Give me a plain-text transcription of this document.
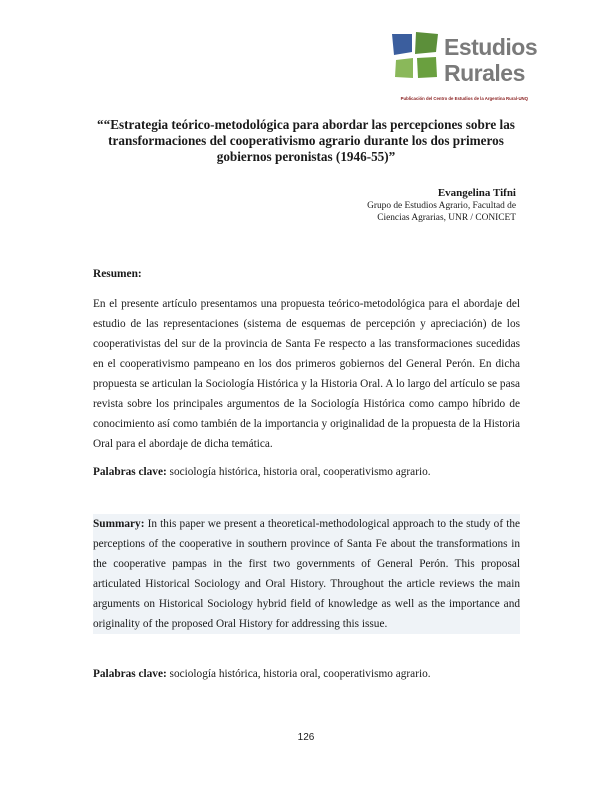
Estudios
Rurales
Publicación del Centro de Estudios de la Argentina Rural-UNQ
““Estrategia teórico-metodológica para abordar las percepciones sobre las transformaciones del cooperativismo agrario durante los dos primeros gobiernos peronistas (1946-55)”
Evangelina Tifni
Grupo de Estudios Agrario, Facultad de
Ciencias Agrarias, UNR / CONICET
Resumen:
En el presente artículo presentamos una propuesta teórico-metodológica para el abordaje del estudio de las representaciones (sistema de esquemas de percepción y apreciación) de los cooperativistas del sur de la provincia de Santa Fe respecto a las transformaciones sucedidas en el cooperativismo pampeano en los dos primeros gobiernos del General Perón. En dicha propuesta se articulan la Sociología Histórica y la Historia Oral. A lo largo del artículo se pasa revista sobre los principales argumentos de la Sociología Histórica como campo híbrido de conocimiento así como también de la importancia y originalidad de la propuesta de la Historia Oral para el abordaje de dicha temática.
Palabras clave: sociología histórica, historia oral, cooperativismo agrario.
Summary: In this paper we present a theoretical-methodological approach to the study of the perceptions of the cooperative in southern province of Santa Fe about the transformations in the cooperative pampas in the first two governments of General Perón. This proposal articulated Historical Sociology and Oral History. Throughout the article reviews the main arguments on Historical Sociology hybrid field of knowledge as well as the importance and originality of the proposed Oral History for addressing this issue.
Palabras clave: sociología histórica, historia oral, cooperativismo agrario.
126
